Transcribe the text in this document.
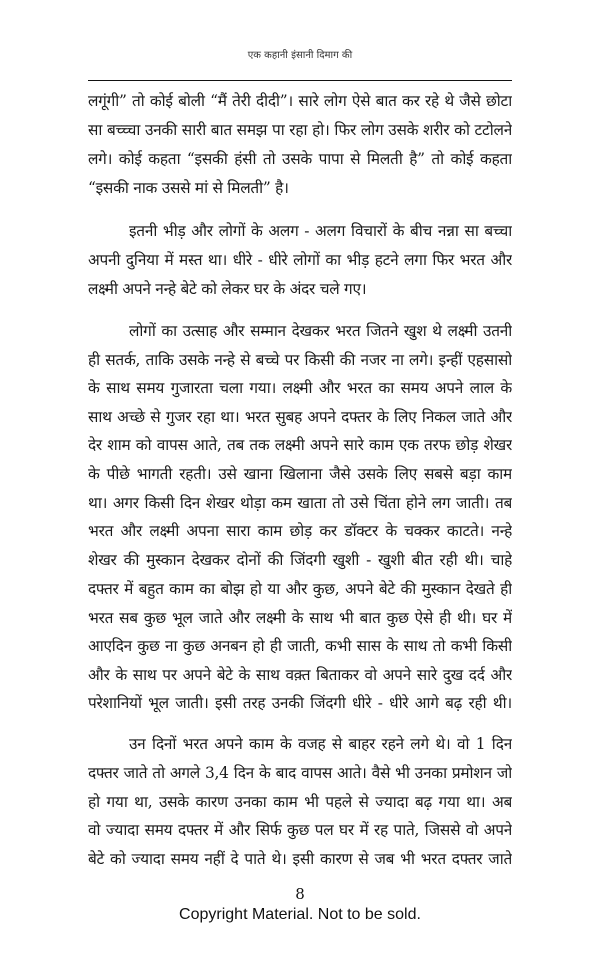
एक कहानी इंसानी दिमाग की
लगूंगी” तो कोई बोली “मैं तेरी दीदी”। सारे लोग ऐसे बात कर रहे थे जैसे छोटा
सा बच्च्चा उनकी सारी बात समझ पा रहा हो। फिर लोग उसके शरीर को टटोलने
लगे। कोई कहता “इसकी हंसी तो उसके पापा से मिलती है” तो कोई कहता
“इसकी नाक उससे मां से मिलती” है।
इतनी भीड़ और लोगों के अलग - अलग विचारों के बीच नन्ना सा बच्चा
अपनी दुनिया में मस्त था। धीरे - धीरे लोगों का भीड़ हटने लगा फिर भरत और
लक्ष्मी अपने नन्हे बेटे को लेकर घर के अंदर चले गए।
लोगों का उत्साह और सम्मान देखकर भरत जितने खुश थे लक्ष्मी उतनी
ही सतर्क, ताकि उसके नन्हे से बच्चे पर किसी की नजर ना लगे। इन्हीं एहसासो
के साथ समय गुजारता चला गया। लक्ष्मी और भरत का समय अपने लाल के
साथ अच्छे से गुजर रहा था। भरत सुबह अपने दफ्तर के लिए निकल जाते और
देर शाम को वापस आते, तब तक लक्ष्मी अपने सारे काम एक तरफ छोड़ शेखर
के पीछे भागती रहती। उसे खाना खिलाना जैसे उसके लिए सबसे बड़ा काम
था। अगर किसी दिन शेखर थोड़ा कम खाता तो उसे चिंता होने लग जाती। तब
भरत और लक्ष्मी अपना सारा काम छोड़ कर डॉक्टर के चक्कर काटते। नन्हे
शेखर की मुस्कान देखकर दोनों की जिंदगी खुशी - खुशी बीत रही थी। चाहे
दफ्तर में बहुत काम का बोझ हो या और कुछ, अपने बेटे की मुस्कान देखते ही
भरत सब कुछ भूल जाते और लक्ष्मी के साथ भी बात कुछ ऐसे ही थी। घर में
आएदिन कुछ ना कुछ अनबन हो ही जाती, कभी सास के साथ तो कभी किसी
और के साथ पर अपने बेटे के साथ वक़्त बिताकर वो अपने सारे दुख दर्द और
परेशानियों भूल जाती। इसी तरह उनकी जिंदगी धीरे - धीरे आगे बढ़ रही थी।
उन दिनों भरत अपने काम के वजह से बाहर रहने लगे थे। वो 1 दिन
दफ्तर जाते तो अगले 3,4 दिन के बाद वापस आते। वैसे भी उनका प्रमोशन जो
हो गया था, उसके कारण उनका काम भी पहले से ज्यादा बढ़ गया था। अब
वो ज्यादा समय दफ्तर में और सिर्फ कुछ पल घर में रह पाते, जिससे वो अपने
बेटे को ज्यादा समय नहीं दे पाते थे। इसी कारण से जब भी भरत दफ्तर जाते
8
Copyright Material. Not to be sold.
